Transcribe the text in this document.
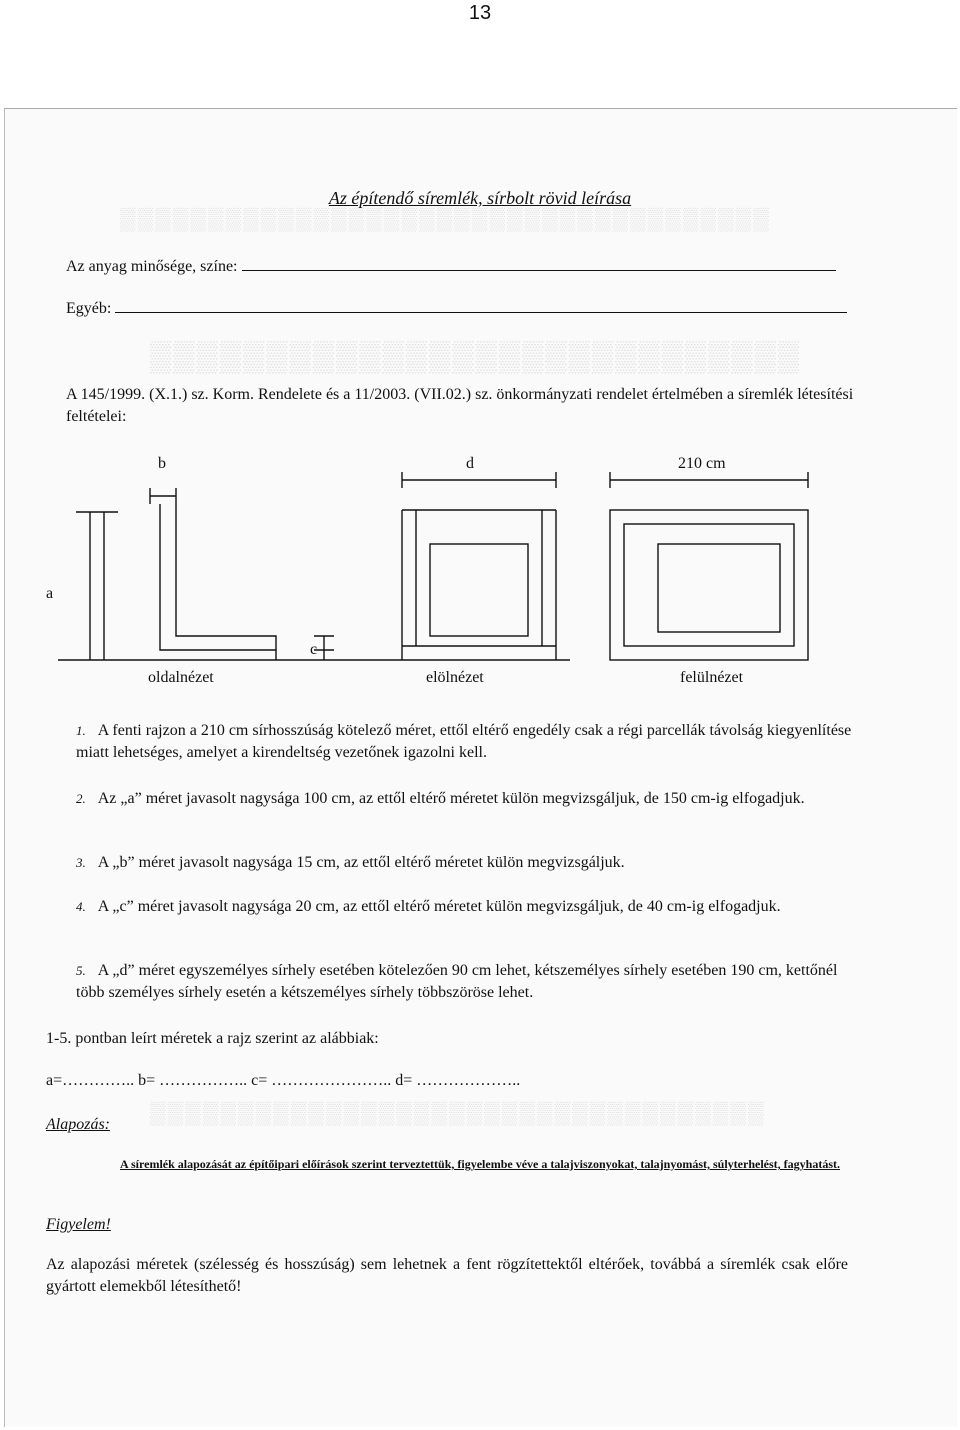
13
▒▒▒▒▒▒▒▒▒▒▒▒▒▒▒▒▒▒▒▒▒▒▒▒▒▒▒▒▒▒▒▒▒▒▒▒▒
▒▒▒▒▒▒▒▒▒▒▒▒▒▒▒▒▒▒▒▒▒▒▒▒▒▒▒▒
▒▒▒▒▒▒▒▒▒▒▒▒▒▒▒▒▒▒▒▒▒▒▒▒▒▒▒▒▒▒▒▒▒▒▒
Az építendő síremlék, sírbolt rövid leírása
Az anyag minősége, színe:
Egyéb:
A 145/1999. (X.1.) sz. Korm. Rendelete és a 11/2003. (VII.02.) sz. önkormányzati rendelet értelmében a síremlék létesítési feltételei:
b	d	210 cm
a
c
oldalnézet	elölnézet	felülnézet
1. A fenti rajzon a 210 cm sírhosszúság kötelező méret, ettől eltérő engedély csak a régi parcellák távolság kiegyenlítése miatt lehetséges, amelyet a kirendeltség vezetőnek igazolni kell.
2. Az „a” méret javasolt nagysága 100 cm, az ettől eltérő méretet külön megvizsgáljuk, de 150 cm-ig elfogadjuk.
3. A „b” méret javasolt nagysága 15 cm, az ettől eltérő méretet külön megvizsgáljuk.
4. A „c” méret javasolt nagysága 20 cm, az ettől eltérő méretet külön megvizsgáljuk, de 40 cm-ig elfogadjuk.
5. A „d” méret egyszemélyes sírhely esetében kötelezően 90 cm lehet, kétszemélyes sírhely esetében 190 cm, kettőnél több személyes sírhely esetén a kétszemélyes sírhely többszöröse lehet.
1-5. pontban leírt méretek a rajz szerint az alábbiak:
a=………….. b= …………….. c= ………………….. d= ………………..
Alapozás:
A síremlék alapozását az építőipari előírások szerint terveztettük, figyelembe véve a talajviszonyokat, talajnyomást, súlyterhelést, fagyhatást.
Figyelem!
Az alapozási méretek (szélesség és hosszúság) sem lehetnek a fent rögzítettektől eltérőek, továbbá a síremlék csak előre gyártott elemekből létesíthető!
